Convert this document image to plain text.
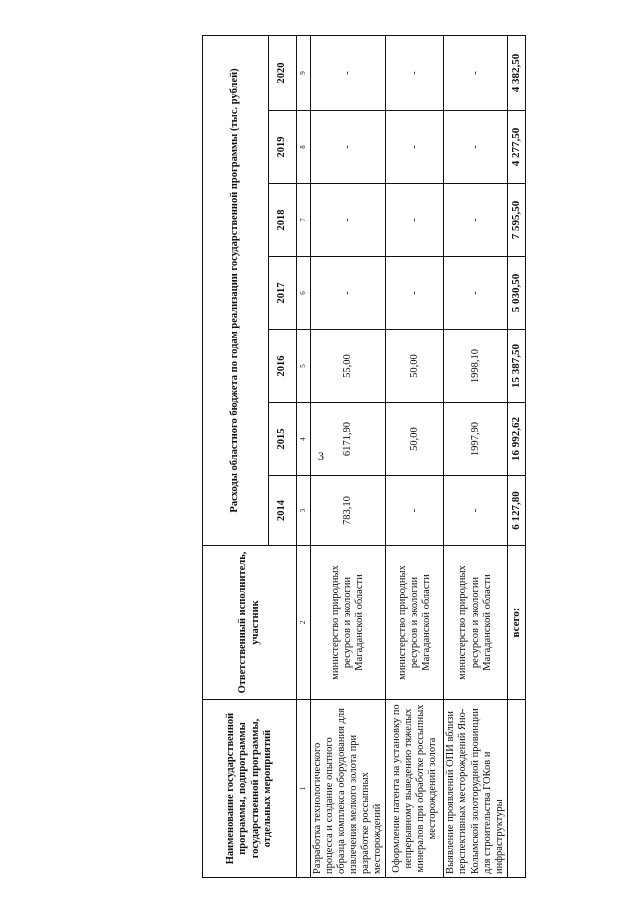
3
Наименование государственной программы, подпрограммы государственной программы, отдельных мероприятий	Ответственный исполнитель, участник	Расходы областного бюджета по годам реализации государственной программы (тыс. рублей)						
		2014	2015	2016	2017	2018	2019	2020
1	2	3	4	5	6	7	8	9
Разработка технологического процесса и создание опытного образца комплекса оборудования для извлечения мелкого золота при разработке россыпных месторождений	министерство природных ресурсов и экологии Магаданской области	783,10	6171,90	55,00	-	-	-	-
Оформление патента на установку по непрерывному выведению тяжелых минералов при обработке россыпных месторождений золота	министерство природных ресурсов и экологии Магаданской области	-	50,00	50,00	-	-	-	-
Выявление проявлений ОПИ вблизи перспективных месторождений Яно-Колымской золоторудной провинции для строительства ГОКов и инфраструктуры	министерство природных ресурсов и экологии Магаданской области	-	1997,90	1998,10	-	-	-	-
	всего:	6 127,80	16 992,62	15 387,50	5 030,50	7 595,50	4 277,50	4 382,50
